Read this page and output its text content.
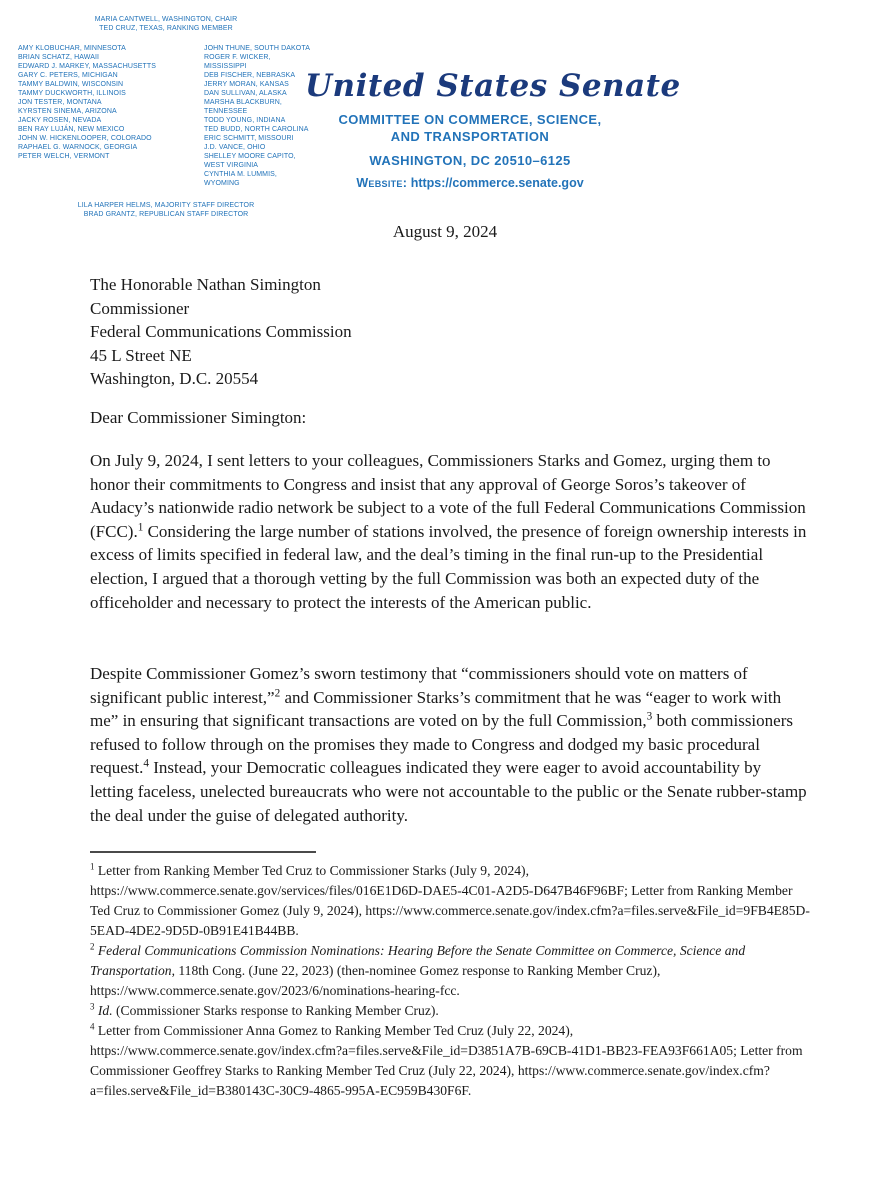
MARIA CANTWELL, WASHINGTON, CHAIR
TED CRUZ, TEXAS, RANKING MEMBER
AMY KLOBUCHAR, MINNESOTA
BRIAN SCHATZ, HAWAII
EDWARD J. MARKEY, MASSACHUSETTS
GARY C. PETERS, MICHIGAN
TAMMY BALDWIN, WISCONSIN
TAMMY DUCKWORTH, ILLINOIS
JON TESTER, MONTANA
KYRSTEN SINEMA, ARIZONA
JACKY ROSEN, NEVADA
BEN RAY LUJÁN, NEW MEXICO
JOHN W. HICKENLOOPER, COLORADO
RAPHAEL G. WARNOCK, GEORGIA
PETER WELCH, VERMONT
JOHN THUNE, SOUTH DAKOTA
ROGER F. WICKER, MISSISSIPPI
DEB FISCHER, NEBRASKA
JERRY MORAN, KANSAS
DAN SULLIVAN, ALASKA
MARSHA BLACKBURN, TENNESSEE
TODD YOUNG, INDIANA
TED BUDD, NORTH CAROLINA
ERIC SCHMITT, MISSOURI
J.D. VANCE, OHIO
SHELLEY MOORE CAPITO, WEST VIRGINIA
CYNTHIA M. LUMMIS, WYOMING
LILA HARPER HELMS, MAJORITY STAFF DIRECTOR
BRAD GRANTZ, REPUBLICAN STAFF DIRECTOR
United States Senate
COMMITTEE ON COMMERCE, SCIENCE,
AND TRANSPORTATION
WASHINGTON, DC 20510–6125
Website: https://commerce.senate.gov
August 9, 2024
The Honorable Nathan Simington
Commissioner
Federal Communications Commission
45 L Street NE
Washington, D.C. 20554
Dear Commissioner Simington:
On July 9, 2024, I sent letters to your colleagues, Commissioners Starks and Gomez, urging them to honor their commitments to Congress and insist that any approval of George Soros’s takeover of Audacy’s nationwide radio network be subject to a vote of the full Federal Communications Commission (FCC).$^1$ Considering the large number of stations involved, the presence of foreign ownership interests in excess of limits specified in federal law, and the deal’s timing in the final run-up to the Presidential election, I argued that a thorough vetting by the full Commission was both an expected duty of the officeholder and necessary to protect the interests of the American public.
Despite Commissioner Gomez’s sworn testimony that “commissioners should vote on matters of significant public interest,”$^2$ and Commissioner Starks’s commitment that he was “eager to work with me” in ensuring that significant transactions are voted on by the full Commission,$^3$ both commissioners refused to follow through on the promises they made to Congress and dodged my basic procedural request.$^4$ Instead, your Democratic colleagues indicated they were eager to avoid accountability by letting faceless, unelected bureaucrats who were not accountable to the public or the Senate rubber-stamp the deal under the guise of delegated authority.
$^1$ Letter from Ranking Member Ted Cruz to Commissioner Starks (July 9, 2024), https://www.commerce.senate.gov/services/files/016E1D6D-DAE5-4C01-A2D5-D647B46F96BF; Letter from Ranking Member Ted Cruz to Commissioner Gomez (July 9, 2024), https://www.commerce.senate.gov/index.cfm?a=files.serve&File_id=9FB4E85D-5EAD-4DE2-9D5D-0B91E41B44BB.
$^2$ Federal Communications Commission Nominations: Hearing Before the Senate Committee on Commerce, Science and Transportation, 118th Cong. (June 22, 2023) (then-nominee Gomez response to Ranking Member Cruz), https://www.commerce.senate.gov/2023/6/nominations-hearing-fcc.
$^3$ Id. (Commissioner Starks response to Ranking Member Cruz).
$^4$ Letter from Commissioner Anna Gomez to Ranking Member Ted Cruz (July 22, 2024), https://www.commerce.senate.gov/index.cfm?a=files.serve&File_id=D3851A7B-69CB-41D1-BB23-FEA93F661A05; Letter from Commissioner Geoffrey Starks to Ranking Member Ted Cruz (July 22, 2024), https://www.commerce.senate.gov/index.cfm?a=files.serve&File_id=B380143C-30C9-4865-995A-EC959B430F6F.
